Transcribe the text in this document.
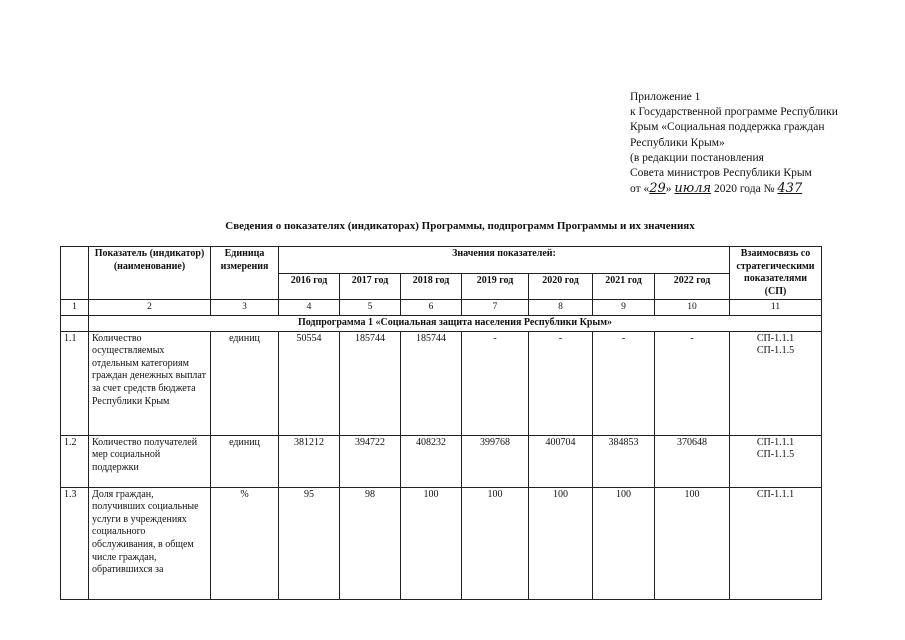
Приложение 1
к Государственной программе Республики
Крым «Социальная поддержка граждан
Республики Крым»
(в редакции постановления
Совета министров Республики Крым
от «29» июля 2020 года № 437
Сведения о показателях (индикаторах) Программы, подпрограмм Программы и их значениях
	Показатель (индикатор) (наименование)	Единица измерения	Значения показателей:							Взаимосвязь со стратегическими показателями (СП)
			2016 год	2017 год	2018 год	2019 год	2020 год	2021 год	2022 год	
1	2	3	4	5	6	7	8	9	10	11
	Подпрограмма 1 «Социальная защита населения Республики Крым»									
1.1	Количество осуществляемых отдельным категориям граждан денежных выплат за счет средств бюджета Республики Крым	единиц	50554	185744	185744	-	-	-	-	СП-1.1.1
СП-1.1.5

1.2	Количество получателей мер социальной поддержки	единиц	381212	394722	408232	399768	400704	384853	370648	СП-1.1.1
СП-1.1.5

1.3	Доля граждан, получивших социальные услуги в учреждениях социального обслуживания, в общем числе граждан, обратившихся за	%	95	98	100	100	100	100	100	СП-1.1.1
